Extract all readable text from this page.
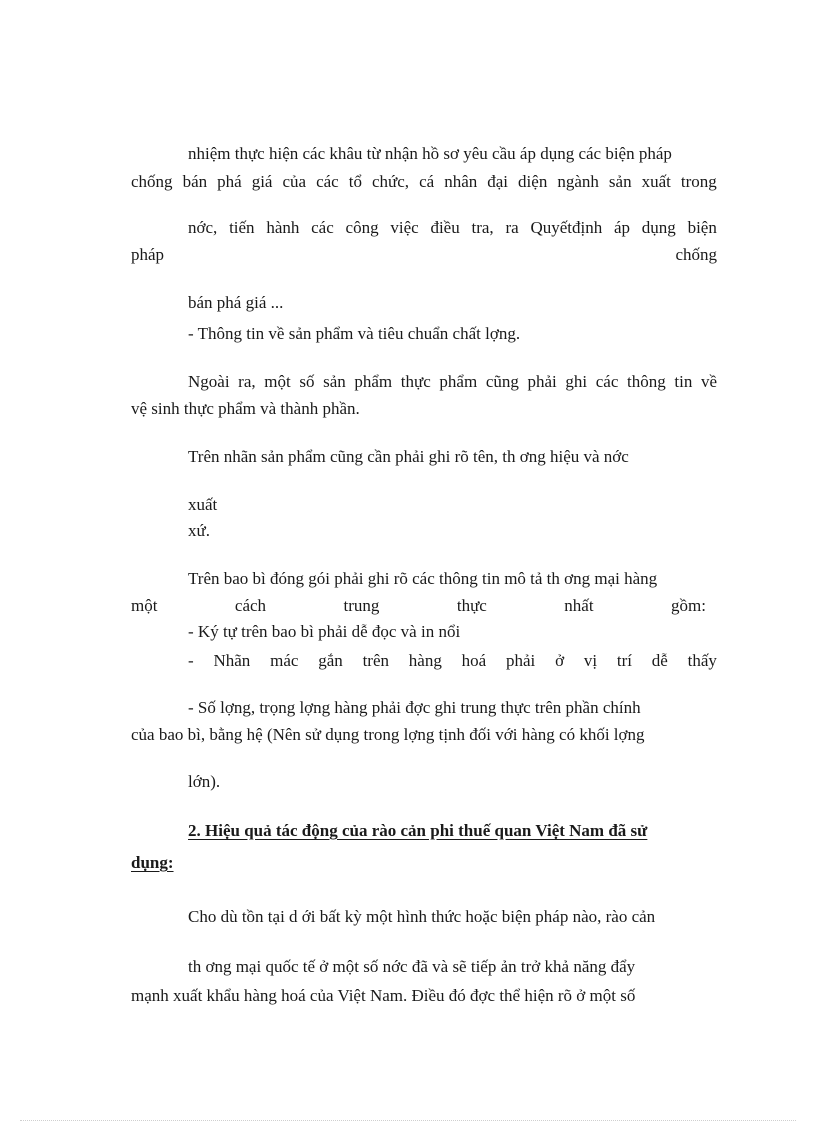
nhiệm thực hiện các khâu từ nhận hồ sơ yêu cầu áp dụng các biện pháp
chống bán phá giá của các tổ chức, cá nhân đại diện ngành sản xuất trong
nớc, tiến hành các công việc điều tra, ra Quyếtđịnh áp dụng biện
pháp	chống
bán phá giá ...
- Thông tin về sản phẩm và tiêu chuẩn chất lợng.
Ngoài ra, một số sản phẩm thực phẩm cũng phải ghi các thông tin về
vệ sinh thực phẩm và thành phần.
Trên nhãn sản phẩm cũng cần phải ghi rõ tên, th ơng hiệu và nớc
xuất
xứ.
Trên bao bì đóng gói phải ghi rõ các thông tin mô tả th ơng mại hàng
một	cách	trung	thực	nhất	gồm:
- Ký tự trên bao bì phải dễ đọc và in nổi
- Nhãn mác gắn trên hàng hoá phải ở vị trí dễ thấy
- Số lợng, trọng lợng hàng phải đợc ghi trung thực trên phần chính
của bao bì, bằng hệ (Nên sử dụng trong lợng tịnh đối với hàng có khối lợng
lớn).
2. Hiệu quả tác động của rào cản phi thuế quan Việt Nam đã sử
dụng:
Cho dù tồn tại d ới bất kỳ một hình thức hoặc biện pháp nào, rào cản
th ơng mại quốc tế ở một số nớc đã và sẽ tiếp ản trở khả năng đẩy
mạnh xuất khẩu hàng hoá của Việt Nam. Điều đó đợc thể hiện rõ ở một số
